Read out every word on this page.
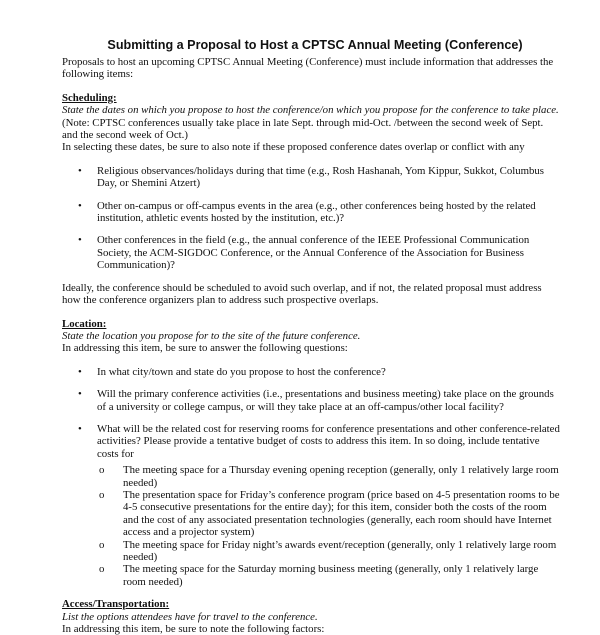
Submitting a Proposal to Host a CPTSC Annual Meeting (Conference)

Proposals to host an upcoming CPTSC Annual Meeting (Conference) must include information that addresses the following items:

Scheduling:

State the dates on which you propose to host the conference/on which you propose for the conference to take place.

(Note: CPTSC conferences usually take place in late Sept. through mid-Oct. /between the second week of Sept. and the second week of Oct.)

In selecting these dates, be sure to also note if these proposed conference dates overlap or conflict with any

• Religious observances/holidays during that time (e.g., Rosh Hashanah, Yom Kippur, Sukkot, Columbus Day, or Shemini Atzert)
• Other on-campus or off-campus events in the area (e.g., other conferences being hosted by the related institution, athletic events hosted by the institution, etc.)?
• Other conferences in the field (e.g., the annual conference of the IEEE Professional Communication Society, the ACM-SIGDOC Conference, or the Annual Conference of the Association for Business Communication)?

Ideally, the conference should be scheduled to avoid such overlap, and if not, the related proposal must address how the conference organizers plan to address such prospective overlaps.

Location:

State the location you propose for to the site of the future conference.

In addressing this item, be sure to answer the following questions:

• In what city/town and state do you propose to host the conference?
• Will the primary conference activities (i.e., presentations and business meeting) take place on the grounds of a university or college campus, or will they take place at an off-campus/other local facility?
• What will be the related cost for reserving rooms for conference presentations and other conference-related activities? Please provide a tentative budget of costs to address this item. In so doing, include tentative costs for
o The meeting space for a Thursday evening opening reception (generally, only 1 relatively large room needed)
o The presentation space for Friday’s conference program (price based on 4-5 presentation rooms to be 4-5 consecutive presentations for the entire day); for this item, consider both the costs of the room and the cost of any associated presentation technologies (generally, each room should have Internet access and a projector system)
o The meeting space for Friday night’s awards event/reception (generally, only 1 relatively large room needed)
o The meeting space for the Saturday morning business meeting (generally, only 1 relatively large room needed)

Access/Transportation:

List the options attendees have for travel to the conference.

In addressing this item, be sure to note the following factors:
